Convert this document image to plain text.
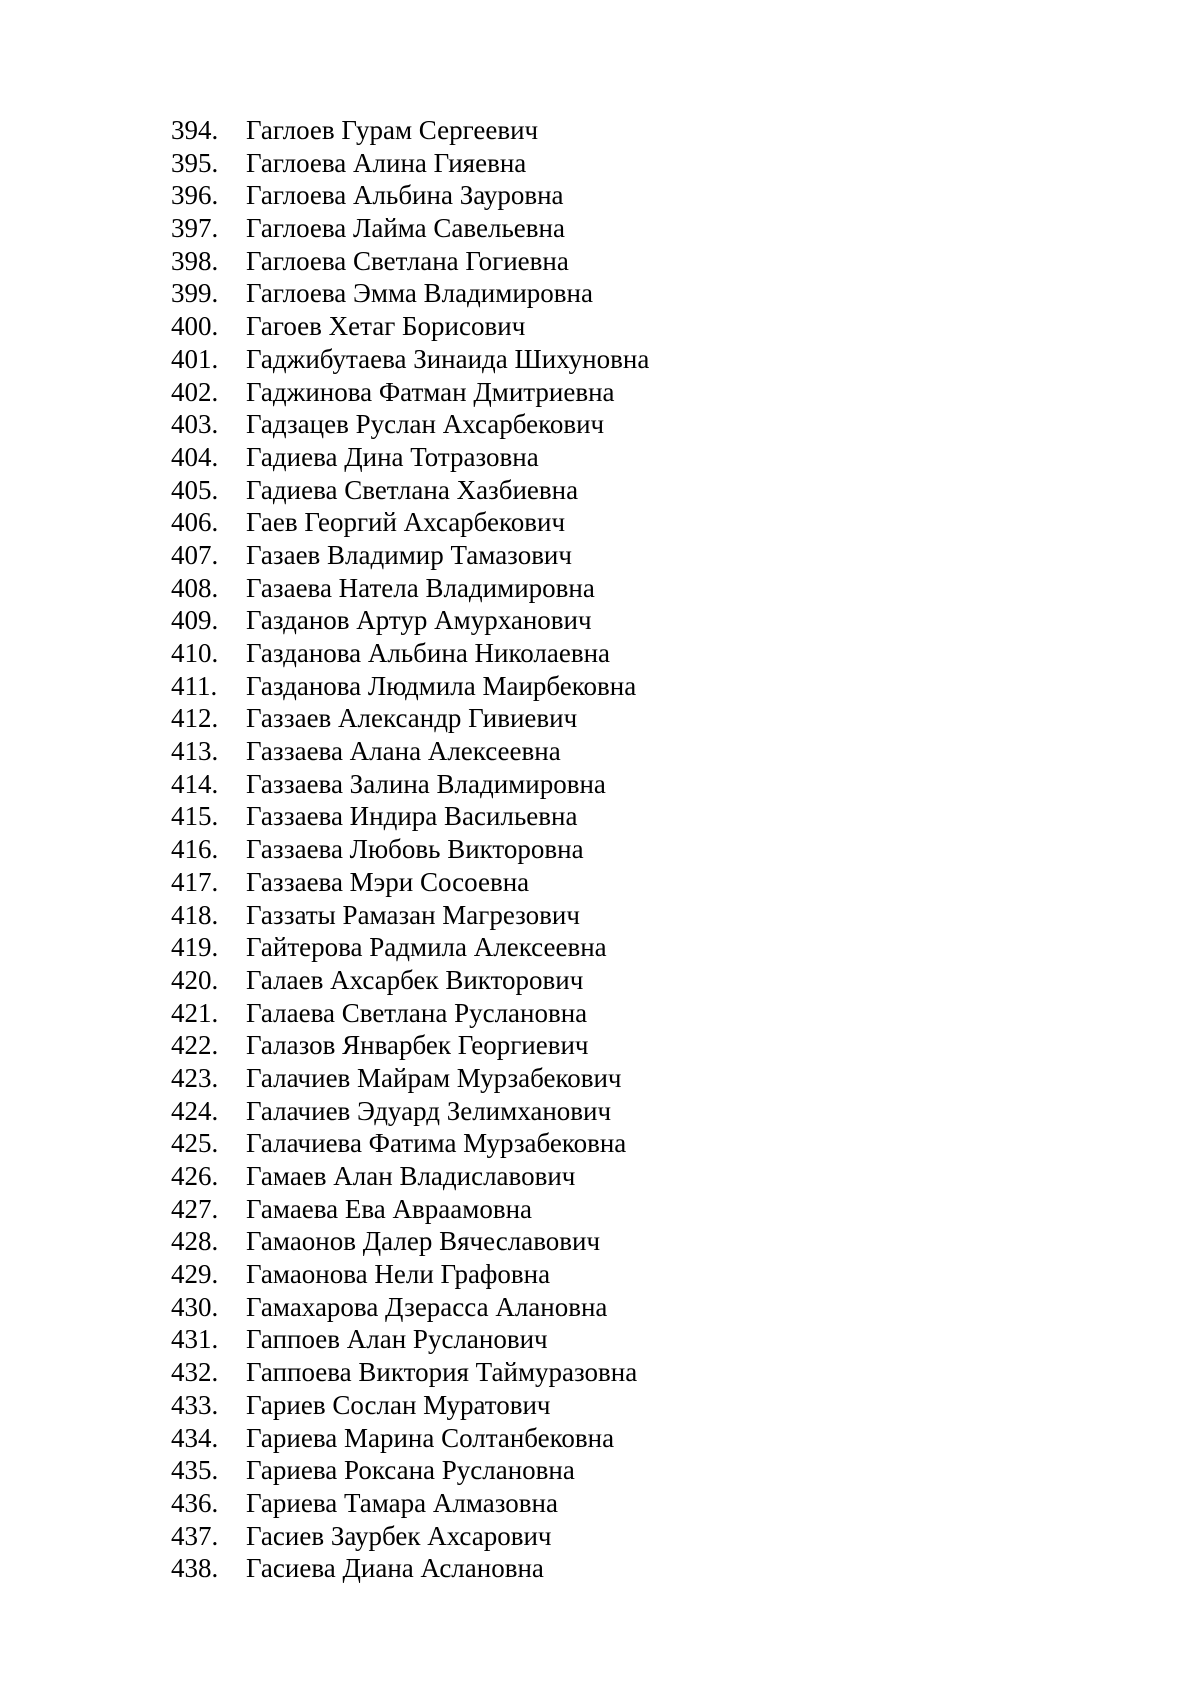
394.	Гаглоев Гурам Сергеевич
395.	Гаглоева Алина Гияевна
396.	Гаглоева Альбина Зауровна
397.	Гаглоева Лайма Савельевна
398.	Гаглоева Светлана Гогиевна
399.	Гаглоева Эмма Владимировна
400.	Гагоев Хетаг Борисович
401.	Гаджибутаева Зинаида Шихуновна
402.	Гаджинова Фатман Дмитриевна
403.	Гадзацев Руслан Ахсарбекович
404.	Гадиева Дина Тотразовна
405.	Гадиева Светлана Хазбиевна
406.	Гаев Георгий Ахсарбекович
407.	Газаев Владимир Тамазович
408.	Газаева Натела Владимировна
409.	Газданов Артур Амурханович
410.	Газданова Альбина Николаевна
411.	Газданова Людмила Маирбековна
412.	Газзаев Александр Гивиевич
413.	Газзаева Алана Алексеевна
414.	Газзаева Залина Владимировна
415.	Газзаева Индира Васильевна
416.	Газзаева Любовь Викторовна
417.	Газзаева Мэри Сосоевна
418.	Газзаты Рамазан Магрезович
419.	Гайтерова Радмила Алексеевна
420.	Галаев Ахсарбек Викторович
421.	Галаева Светлана Руслановна
422.	Галазов Январбек Георгиевич
423.	Галачиев Майрам Мурзабекович
424.	Галачиев Эдуард Зелимханович
425.	Галачиева Фатима Мурзабековна
426.	Гамаев Алан Владиславович
427.	Гамаева Ева Авраамовна
428.	Гамаонов Далер Вячеславович
429.	Гамаонова Нели Графовна
430.	Гамахарова Дзерасса Алановна
431.	Гаппоев Алан Русланович
432.	Гаппоева Виктория Таймуразовна
433.	Гариев Сослан Муратович
434.	Гариева Марина Солтанбековна
435.	Гариева Роксана Руслановна
436.	Гариева Тамара Алмазовна
437.	Гасиев Заурбек Ахсарович
438.	Гасиева Диана Аслановна
